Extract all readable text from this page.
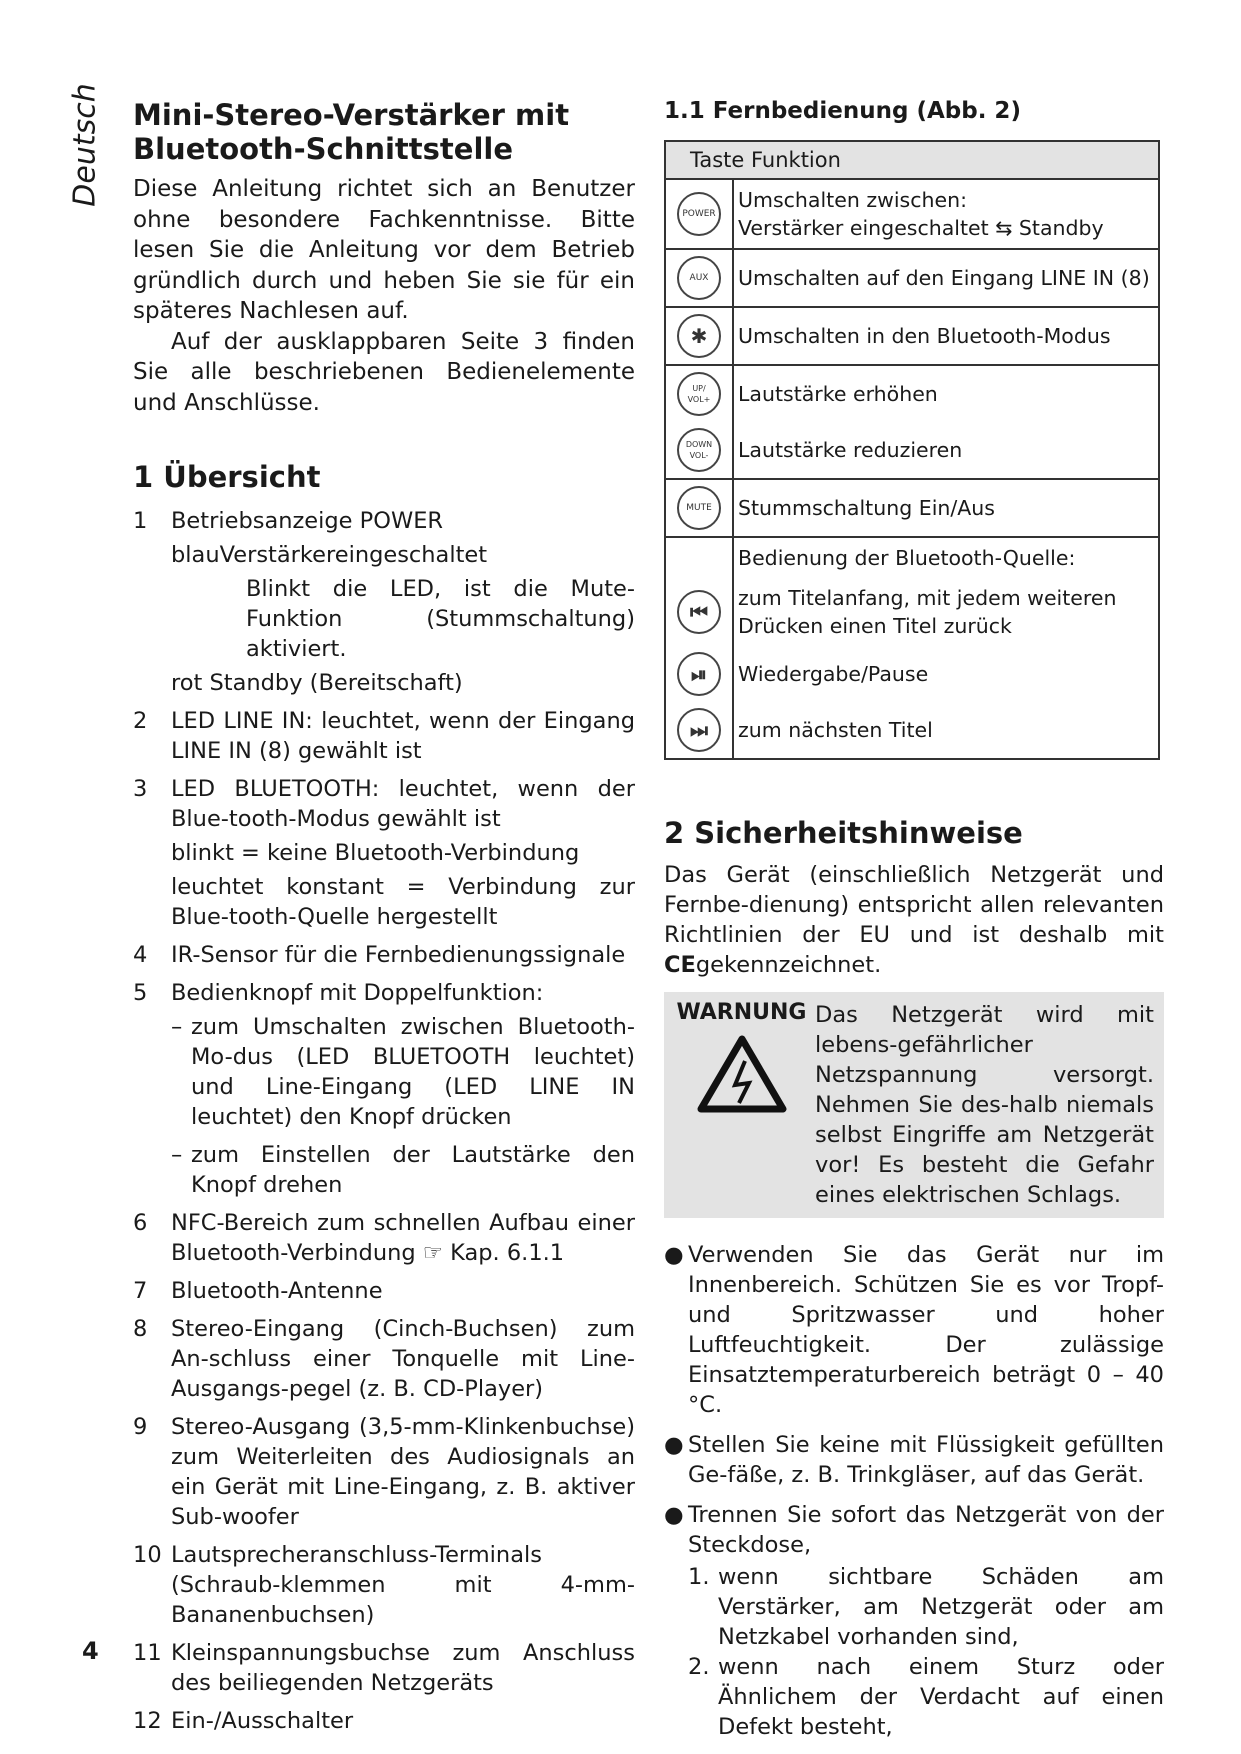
Deutsch
4
Mini-Stereo-Verstärker mit
Bluetooth-Schnittstelle

Diese Anleitung richtet sich an Benutzer ohne besondere Fachkenntnisse. Bitte lesen Sie die Anleitung vor dem Betrieb gründlich durch und heben Sie sie für ein späteres Nachlesen auf.

Auf der ausklappbaren Seite 3 finden Sie alle beschriebenen Bedienelemente und Anschlüsse.

1 Übersicht
1	Betriebsanzeige POWER
blauVerstärkereingeschaltet
Blinkt die LED, ist die Mute-Funktion (Stummschaltung) aktiviert.
rot Standby (Bereitschaft)
2	LED LINE IN: leuchtet, wenn der Eingang LINE IN (8) gewählt ist
3	LED BLUETOOTH: leuchtet, wenn der Blue-tooth-Modus gewählt ist
blinkt = keine Bluetooth-Verbindung
leuchtet konstant = Verbindung zur Blue-tooth-Quelle hergestellt
4	IR-Sensor für die Fernbedienungssignale
5	Bedienknopf mit Doppelfunktion:
– zum Umschalten zwischen Bluetooth-Mo-dus (LED BLUETOOTH leuchtet) und Line-Eingang (LED LINE IN leuchtet) den Knopf drücken
– zum Einstellen der Lautstärke den Knopf drehen
6	NFC-Bereich zum schnellen Aufbau einer Bluetooth-Verbindung ☞ Kap. 6.1.1
7	Bluetooth-Antenne
8	Stereo-Eingang (Cinch-Buchsen) zum An-schluss einer Tonquelle mit Line-Ausgangs-pegel (z. B. CD-Player)
9	Stereo-Ausgang (3,5-mm-Klinkenbuchse) zum Weiterleiten des Audiosignals an ein Gerät mit Line-Eingang, z. B. aktiver Sub-woofer
10 Lautsprecheranschluss-Terminals (Schraub-klemmen mit 4-mm-Bananenbuchsen)
11 Kleinspannungsbuchse zum Anschluss des beiliegenden Netzgeräts
12 Ein-/Ausschalter
1.1 Fernbedienung (Abb. 2)
Taste Funktion	
POWER	Umschalten zwischen:
Verstärker eingeschaltet ⇆ Standby
AUX	Umschalten auf den Eingang LINE IN (8)
✱	Umschalten in den Bluetooth-Modus
UP/
VOL+	Lautstärke erhöhen
DOWN
VOL-	Lautstärke reduzieren
MUTE	Stummschaltung Ein/Aus
	Bedienung der Bluetooth-Quelle:
⏮	zum Titelanfang, mit jedem weiteren Drücken einen Titel zurück
⏯	Wiedergabe/Pause
⏭	zum nächsten Titel
2 Sicherheitshinweise

Das Gerät (einschließlich Netzgerät und Fernbe-dienung) entspricht allen relevanten Richtlinien der EU und ist deshalb mit CEgekennzeichnet.

WARNUNG Das Netzgerät wird mit lebens-gefährlicher Netzspannung versorgt. Nehmen Sie des-halb niemals selbst Eingriffe am Netzgerät vor! Es besteht die Gefahr eines elektrischen Schlags.
● Verwenden Sie das Gerät nur im Innenbereich. Schützen Sie es vor Tropf- und Spritzwasser und hoher Luftfeuchtigkeit. Der zulässige Einsatztemperaturbereich beträgt 0 – 40 °C.
● Stellen Sie keine mit Flüssigkeit gefüllten Ge-fäße, z. B. Trinkgläser, auf das Gerät.
● Trennen Sie sofort das Netzgerät von der Steckdose,
1. wenn sichtbare Schäden am Verstärker, am Netzgerät oder am Netzkabel vorhanden sind,
2. wenn nach einem Sturz oder Ähnlichem der Verdacht auf einen Defekt besteht,
